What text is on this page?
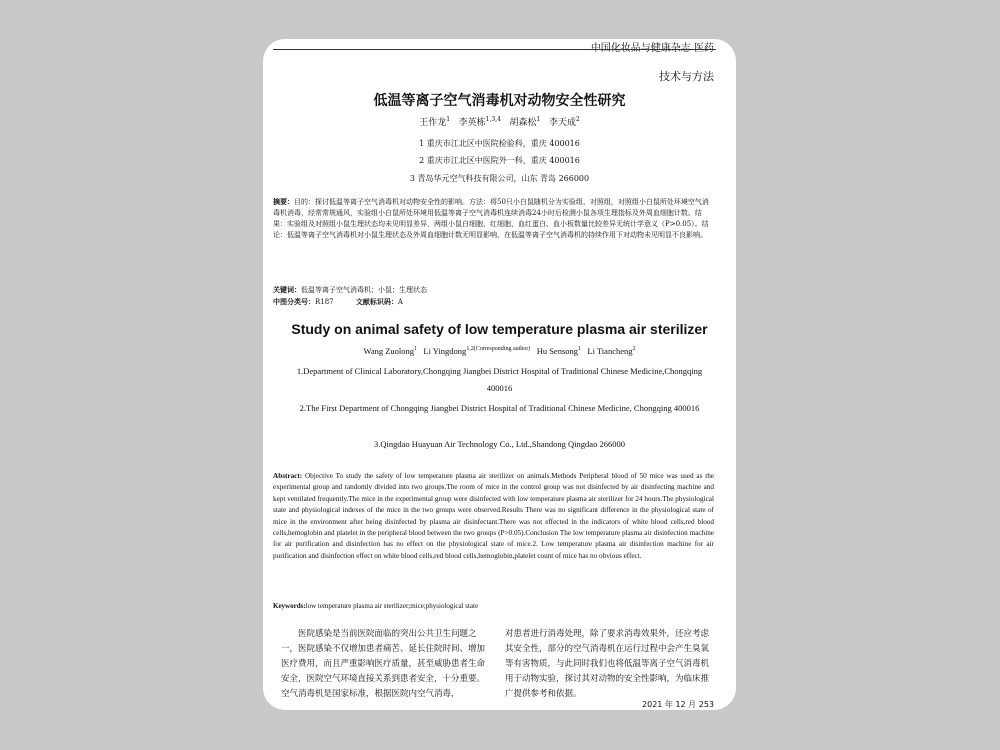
中国化妆品与健康杂志 医药
技术与方法
低温等离子空气消毒机对动物安全性研究
王作龙$^1$ 李英栋$^{1,3,4}$ 胡森松$^1$ 李天成$^2$
1 重庆市江北区中医院检验科，重庆 400016
2 重庆市江北区中医院外一科，重庆 400016
3 青岛华元空气科技有限公司，山东 青岛 266000
摘要：目的：探讨低温等离子空气消毒机对动物安全性的影响。方法：将50只小白鼠随机分为实验组、对照组，对照组小白鼠所处环境空气消毒机消毒，经常常规通风，实验组小白鼠所处环境用低温等离子空气消毒机连续消毒24小时后检测小鼠各项生理指标及外周血细胞计数。结果：实验组及对照组小鼠生理状态均未见明显差异，两组小鼠白细胞、红细胞、血红蛋白、血小板数量比较差异无统计学意义（P>0.05）。结论：低温等离子空气消毒机对小鼠生理状态及外周血细胞计数无明显影响，在低温等离子空气消毒机的持续作用下对动物未见明显不良影响。
关键词：低温等离子空气消毒机；小鼠；生理状态
中图分类号：R187	文献标识码：A
Study on animal safety of low temperature plasma air sterilizer
Wang Zuolong$^1$ Li Yingdong$^{1,2(Corresponding author)}$ Hu Sensong$^1$ Li Tiancheng$^2$
1.Department of Clinical Laboratory,Chongqing Jiangbei District Hospital of Traditional Chinese Medicine,Chongqing 400016
2.The First Department of Chongqing Jiangbei District Hospital of Traditional Chinese Medicine, Chongqing 400016
3.Qingdao Huayuan Air Technology Co., Ltd.,Shandong Qingdao 266000
Abstract: Objective To study the safety of low temperature plasma air sterilizer on animals.Methods Peripheral blood of 50 mice was used as the experimental group and randomly divided into two groups.The room of mice in the control group was not disinfected by air disinfecting machine and kept ventilated frequently.The mice in the experimental group were disinfected with low temperature plasma air sterilizer for 24 hours.The physiological state and physiological indexes of the mice in the two groups were observed.Results There was no significant difference in the physiological state of mice in the environment after being disinfected by plasma air disinfectant.There was not effected in the indicators of white blood cells,red blood cells,hemoglobin and platelet in the peripheral blood between the two groups (P>0.05).Conclusion The low temperature plasma air disinfection machine for air purification and disinfection has no effect on the physiological state of mice.2. Low temperature plasma air disinfection machine for air purification and disinfection effect on white blood cells,red blood cells,hemoglobin,platelet count of mice has no obvious effect.
Keywords:low temperature plasma air sterilizer;mice;physiological state
医院感染是当前医院面临的突出公共卫生问题之一，医院感染不仅增加患者痛苦、延长住院时间、增加医疗费用，而且严重影响医疗质量，甚至威胁患者生命安全，医院空气环境直接关系到患者安全，十分重要。空气消毒机是国家标准，根据医院内空气消毒，
对患者进行消毒处理，除了要求消毒效果外，还应考虑其安全性，部分的空气消毒机在运行过程中会产生臭氧等有害物质，与此同时我们也将低温等离子空气消毒机用于动物实验，探讨其对动物的安全性影响，为临床推广提供参考和依据。
2021 年 12 月 253
